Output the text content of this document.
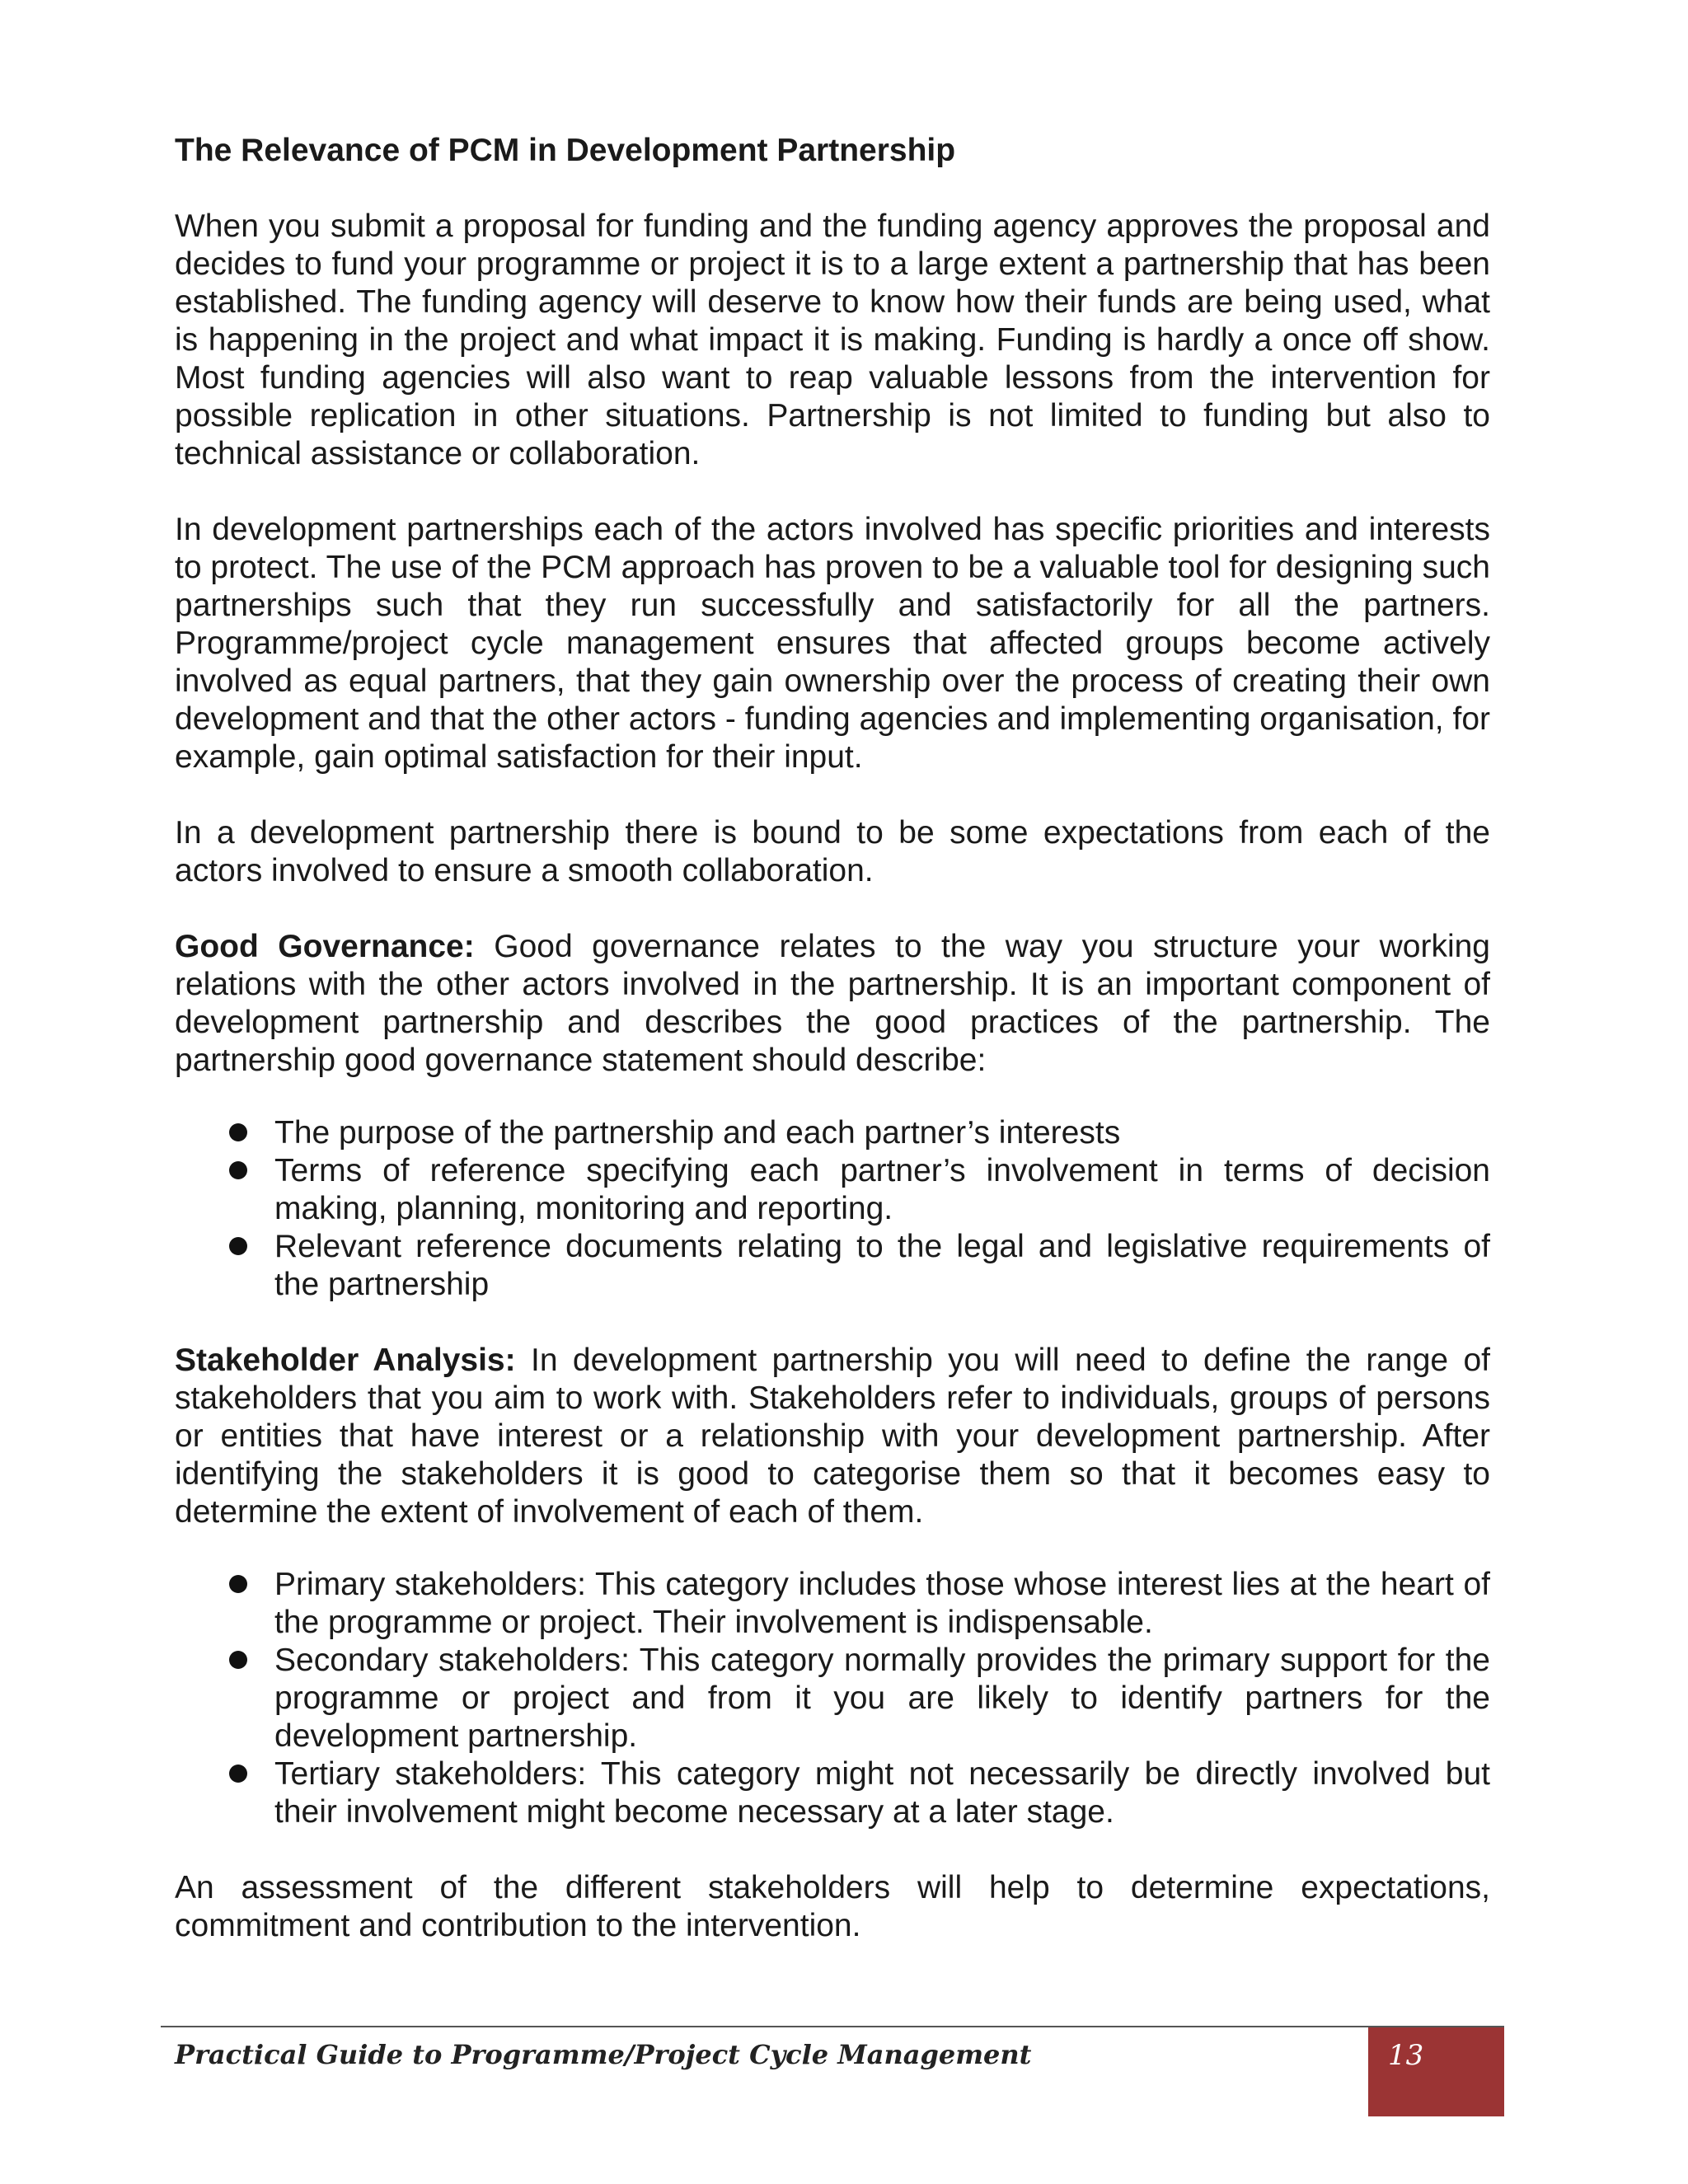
The Relevance of PCM in Development Partnership

When you submit a proposal for funding and the funding agency approves the proposal and decides to fund your programme or project it is to a large extent a partnership that has been established. The funding agency will deserve to know how their funds are being used, what is happening in the project and what impact it is making. Funding is hardly a once off show. Most funding agencies will also want to reap valuable lessons from the intervention for possible replication in other situations. Partnership is not limited to funding but also to technical assistance or collaboration.

In development partnerships each of the actors involved has specific priorities and interests to protect. The use of the PCM approach has proven to be a valuable tool for designing such partnerships such that they run successfully and satisfactorily for all the partners. Programme/project cycle management ensures that affected groups become actively involved as equal partners, that they gain ownership over the process of creating their own development and that the other actors - funding agencies and implementing organisation, for example, gain optimal satisfaction for their input.

In a development partnership there is bound to be some expectations from each of the actors involved to ensure a smooth collaboration.

Good Governance: Good governance relates to the way you structure your working relations with the other actors involved in the partnership. It is an important component of development partnership and describes the good practices of the partnership. The partnership good governance statement should describe:

The purpose of the partnership and each partner’s interests
Terms of reference specifying each partner’s involvement in terms of decision making, planning, monitoring and reporting.
Relevant reference documents relating to the legal and legislative requirements of the partnership

Stakeholder Analysis: In development partnership you will need to define the range of stakeholders that you aim to work with. Stakeholders refer to individuals, groups of persons or entities that have interest or a relationship with your development partnership. After identifying the stakeholders it is good to categorise them so that it becomes easy to determine the extent of involvement of each of them.

Primary stakeholders: This category includes those whose interest lies at the heart of the programme or project. Their involvement is indispensable.
Secondary stakeholders: This category normally provides the primary support for the programme or project and from it you are likely to identify partners for the development partnership.
Tertiary stakeholders: This category might not necessarily be directly involved but their involvement might become necessary at a later stage.

An assessment of the different stakeholders will help to determine expectations, commitment and contribution to the intervention.

Practical Guide to Programme/Project Cycle Management	13
